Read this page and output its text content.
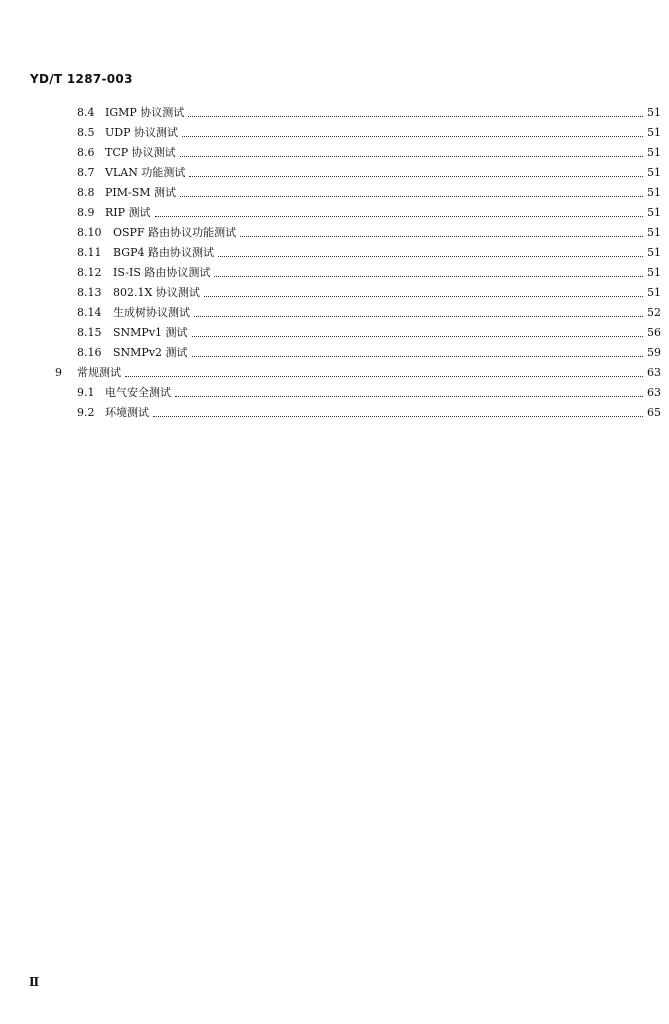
YD/T 1287-003
8.4 IGMP 协议测试	51
8.5 UDP 协议测试	51
8.6 TCP 协议测试	51
8.7 VLAN 功能测试	51
8.8 PIM-SM 测试	51
8.9 RIP 测试	51
8.10	OSPF 路由协议功能测试	51
8.11	BGP4 路由协议测试	51
8.12	IS-IS 路由协议测试	51
8.13	802.1X 协议测试	51
8.14	生成树协议测试	52
8.15	SNMPv1 测试	56
8.16	SNMPv2 测试	59
9	常规测试	63
9.1 电气安全测试	63
9.2 环境测试	65
Ⅱ
